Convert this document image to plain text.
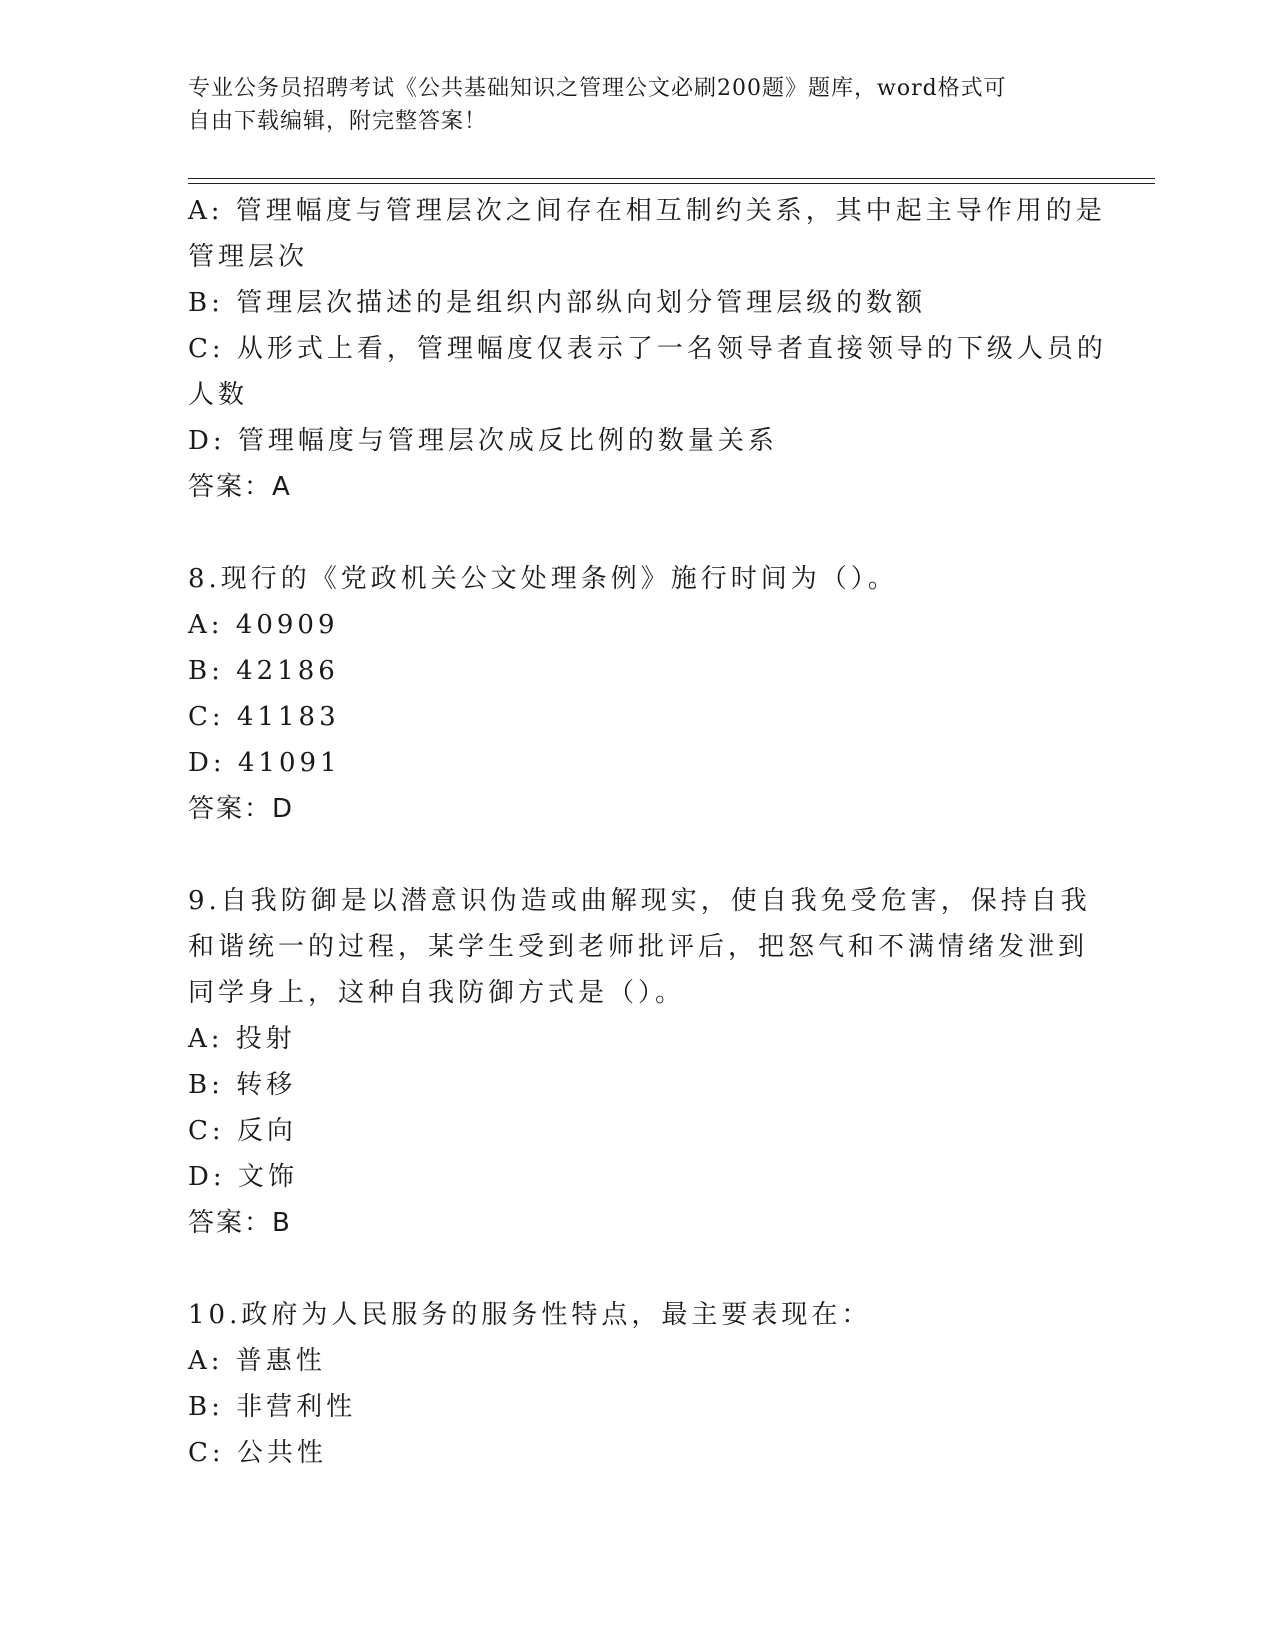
专业公务员招聘考试《公共基础知识之管理公文必刷200题》题库，word格式可
自由下载编辑，附完整答案！
A: 管理幅度与管理层次之间存在相互制约关系，其中起主导作用的是
管理层次
B: 管理层次描述的是组织内部纵向划分管理层级的数额
C: 从形式上看，管理幅度仅表示了一名领导者直接领导的下级人员的
人数
D: 管理幅度与管理层次成反比例的数量关系
答案：A
8.现行的《党政机关公文处理条例》施行时间为（）。
A: 40909
B: 42186
C: 41183
D: 41091
答案：D
9.自我防御是以潜意识伪造或曲解现实，使自我免受危害，保持自我
和谐统一的过程，某学生受到老师批评后，把怒气和不满情绪发泄到
同学身上，这种自我防御方式是（）。
A: 投射
B: 转移
C: 反向
D: 文饰
答案：B
10.政府为人民服务的服务性特点，最主要表现在：
A: 普惠性
B: 非营利性
C: 公共性
